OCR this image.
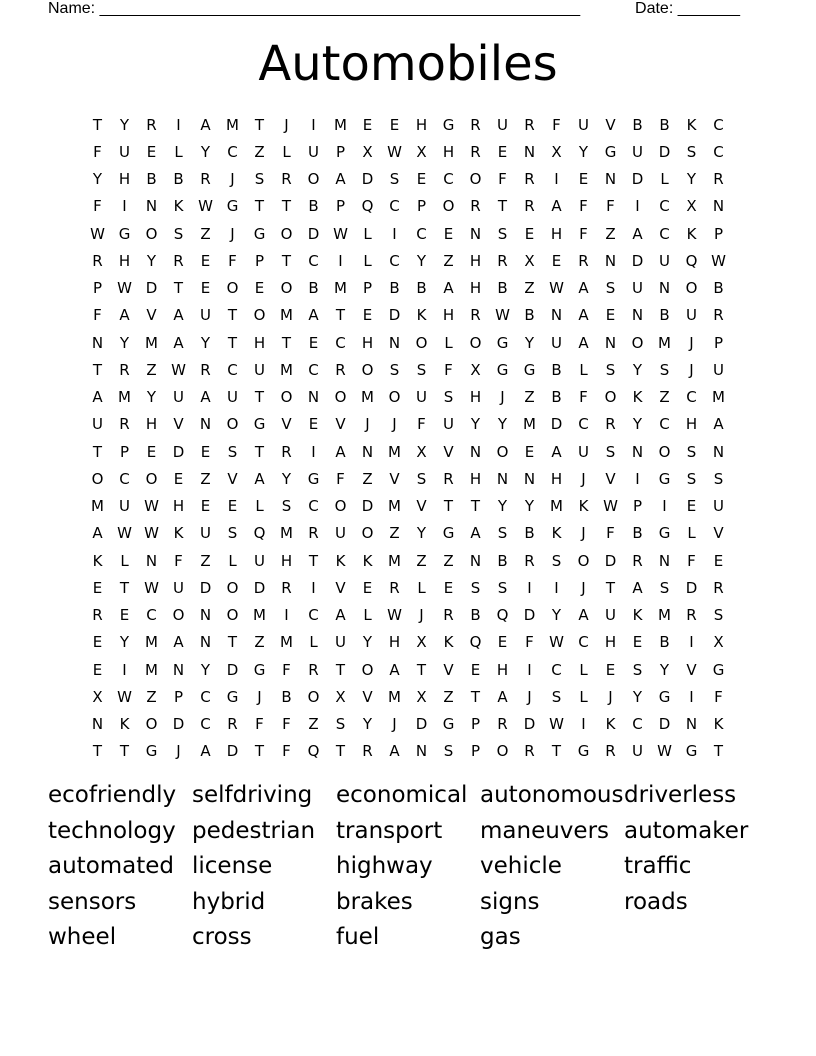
Name: ______________________________________________________	Date: _______
Automobiles
T	Y	R	I	A	M	T	J	I	M	E	E	H	G	R	U	R	F	U	V	B	B	K	C
F	U	E	L	Y	C	Z	L	U	P	X W X	H	R	E	N	X	Y	G	U	D	S	C
Y	H	B	B	R	J	S	R	O	A	D	S	E	C	O	F	R	I	E	N	D	L	Y	R
F	I	N	K W G	T	T	B	P	Q	C	P	O	R	T	R	A	F	F	I	C	X	N
W G	O	S	Z	J	G	O	D W	L	I	C	E	N	S	E	H	F	Z	A	C	K	P
R	H	Y	R	E	F	P	T	C	I	L	C	Y	Z	H	R	X	E	R	N	D	U	Q W
P	W D	T	E	O	E	O	B	M	P	B	B	A	H	B	Z W A	S	U	N	O	B
F	A	V	A	U	T	O M	A	T	E	D	K	H	R W B	N	A	E	N	B	U	R
N	Y	M	A	Y	T	H	T	E	C	H	N	O	L	O	G	Y	U	A	N	O M	J	P
T	R	Z W R	C	U	M	C	R	O	S	S	F	X	G	G	B	L	S	Y	S	J	U
A	M	Y	U	A	U	T	O	N	O M O	U	S	H	J	Z	B	F	O	K	Z	C	M
U	R	H	V	N	O	G	V	E	V	J	J	F	U	Y	Y	M D	C	R	Y	C	H	A
T	P	E	D	E	S	T	R	I	A	N M	X	V	N	O	E	A	U	S	N	O	S	N
O	C	O	E	Z	V	A	Y	G	F	Z	V	S	R	H	N	N	H	J	V	I	G	S	S
M	U W H	E	E	L	S	C	O	D M	V	T	T	Y	Y	M	K W	P	I	E	U
A W W K	U	S	Q M	R	U	O	Z	Y	G	A	S	B	K	J	F	B	G	L	V
K	L	N	F	Z	L	U	H	T	K	K	M	Z	Z	N	B	R	S	O	D	R	N	F	E
E	T	W U	D	O	D	R	I	V	E	R	L	E	S	S	I	I	J	T	A	S	D	R
R	E	C	O	N	O M	I	C	A	L	W	J	R	B	Q	D	Y	A	U	K	M	R	S
E	Y	M	A	N	T	Z	M	L	U	Y	H	X	K	Q	E	F	W C	H	E	B	I	X
E	I	M N	Y	D	G	F	R	T	O	A	T	V	E	H	I	C	L	E	S	Y	V	G
X W Z	P	C	G	J	B	O	X	V	M	X	Z	T	A	J	S	L	J	Y	G	I	F
N	K	O	D	C	R	F	F	Z	S	Y	J	D	G	P	R	D W	I	K	C	D	N	K
T	T	G	J	A	D	T	F	Q	T	R	A	N	S	P	O	R	T	G	R	U W G	T
ecofriendly selfdriving	economical autonomous driverless
technology pedestrian transport	maneuvers automaker
automated license	highway	vehicle	traffic
sensors	hybrid	brakes	signs	roads
wheel	cross	fuel	gas
